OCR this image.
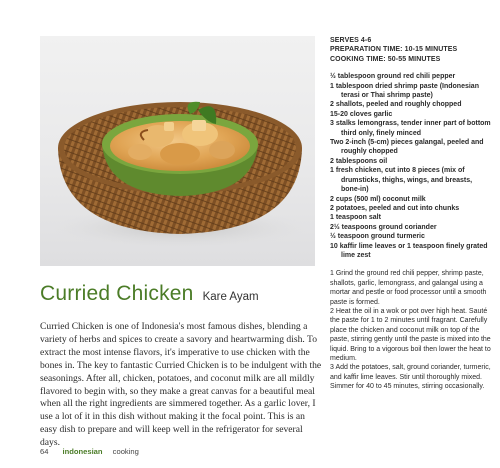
Curried Chicken Kare Ayam

Curried Chicken is one of Indonesia's most famous dishes, blending a variety of herbs and spices to create a savory and heartwarming dish. To extract the most intense flavors, it's imperative to use chicken with the bones in. The key to fantastic Curried Chicken is to be indulgent with the seasonings. After all, chicken, potatoes, and coconut milk are all mildly flavored to begin with, so they make a great canvas for a beautiful meal when all the right ingredients are simmered together. As a garlic lover, I use a lot of it in this dish without making it the focal point. This is an easy dish to prepare and will keep well in the refrigerator for several days.

64 indonesian
cooking
SERVES 4-6
PREPARATION TIME: 10-15 MINUTES
COOKING TIME: 50-55 MINUTES
½ tablespoon ground red chili pepper
1 tablespoon dried shrimp paste (Indonesian terasi or Thai shrimp paste)
2 shallots, peeled and roughly chopped
15-20 cloves garlic
3 stalks lemongrass, tender inner part of bottom third only, finely minced
Two 2-inch (5-cm) pieces galangal, peeled and roughly chopped
2 tablespoons oil
1 fresh chicken, cut into 8 pieces (mix of drumsticks, thighs, wings, and breasts, bone-in)
2 cups (500 ml) coconut milk
2 potatoes, peeled and cut into chunks
1 teaspoon salt
2½ teaspoons ground coriander
½ teaspoon ground turmeric
10 kaffir lime leaves or 1 teaspoon finely grated lime zest

1 Grind the ground red chili pepper, shrimp paste, shallots, garlic, lemongrass, and galangal using a mortar and pestle or food processor until a smooth paste is formed.

2 Heat the oil in a wok or pot over high heat. Sauté the paste for 1 to 2 minutes until fragrant. Carefully place the chicken and coconut milk on top of the paste, stirring gently until the paste is mixed into the liquid. Bring to a vigorous boil then lower the heat to medium.

3 Add the potatoes, salt, ground coriander, turmeric, and kaffir lime leaves. Stir until thoroughly mixed. Simmer for 40 to 45 minutes, stirring occasionally.
